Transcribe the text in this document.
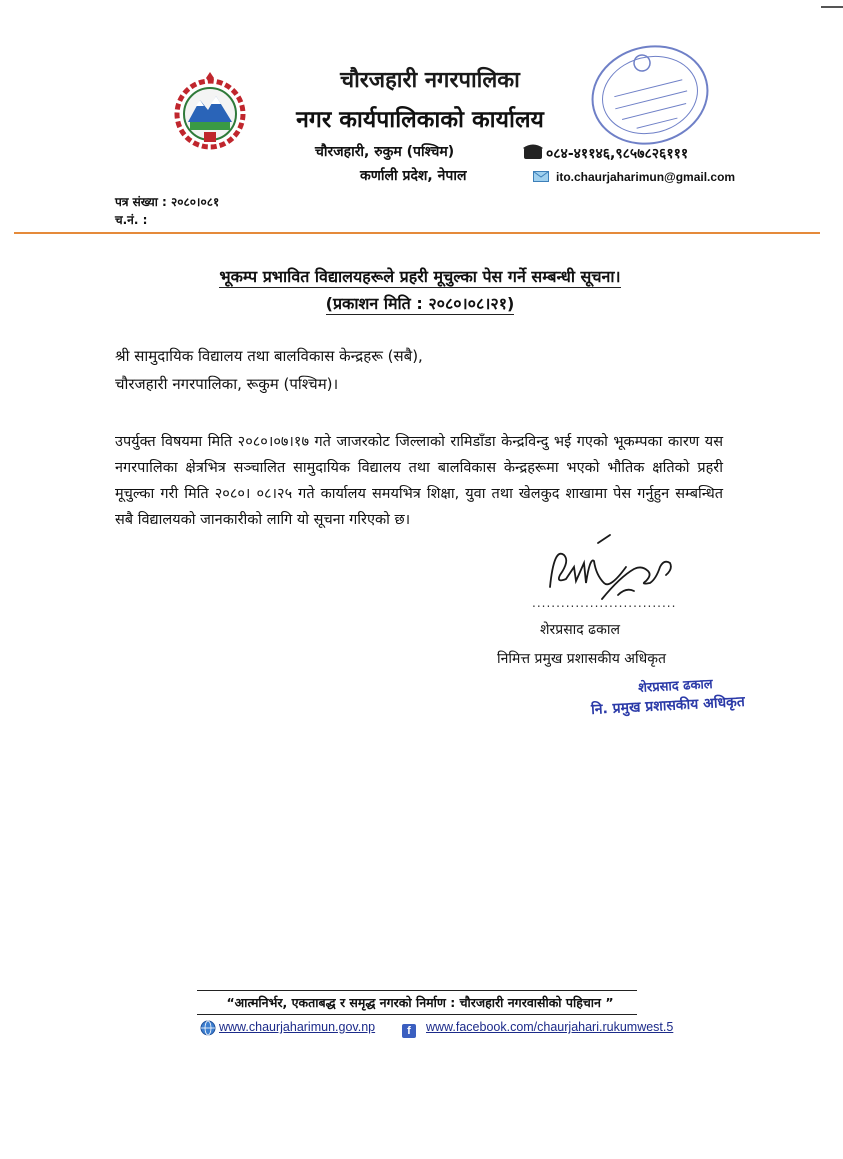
चौरजहारी नगरपालिका
नगर कार्यपालिकाको कार्यालय
चौरजहारी, रुकुम (पश्चिम)
कर्णाली प्रदेश, नेपाल
०८४-४११४६,९८५७८२६१११
ito.chaurjaharimun@gmail.com
पत्र संख्या : २०८०।०८१
च.नं. :
भूकम्प प्रभावित विद्यालयहरूले प्रहरी मूचुल्का पेस गर्ने सम्बन्धी सूचना।
(प्रकाशन मिति : २०८०।०८।२१)
श्री सामुदायिक विद्यालय तथा बालविकास केन्द्रहरू (सबै),
चौरजहारी नगरपालिका, रूकुम (पश्चिम)।
उपर्युक्त विषयमा मिति २०८०।०७।१७ गते जाजरकोट जिल्लाको रामिडाँडा केन्द्रविन्दु भई गएको भूकम्पका कारण यस नगरपालिका क्षेत्रभित्र सञ्चालित सामुदायिक विद्यालय तथा बालविकास केन्द्रहरूमा भएको भौतिक क्षतिको प्रहरी मूचुल्का गरी मिति २०८०। ०८।२५ गते कार्यालय समयभित्र शिक्षा, युवा तथा खेलकुद शाखामा पेस गर्नुहुन सम्बन्धित सबै विद्यालयको जानकारीको लागि यो सूचना गरिएको छ।
..............................
शेरप्रसाद ढकाल
निमित्त प्रमुख प्रशासकीय अधिकृत
शेरप्रसाद ढकाल
नि. प्रमुख प्रशासकीय अधिकृत
“आत्मनिर्भर, एकताबद्ध र समृद्ध नगरको निर्माण : चौरजहारी नगरवासीको पहिचान ”
www.chaurjaharimun.gov.np	f	www.facebook.com/chaurjahari.rukumwest.5
